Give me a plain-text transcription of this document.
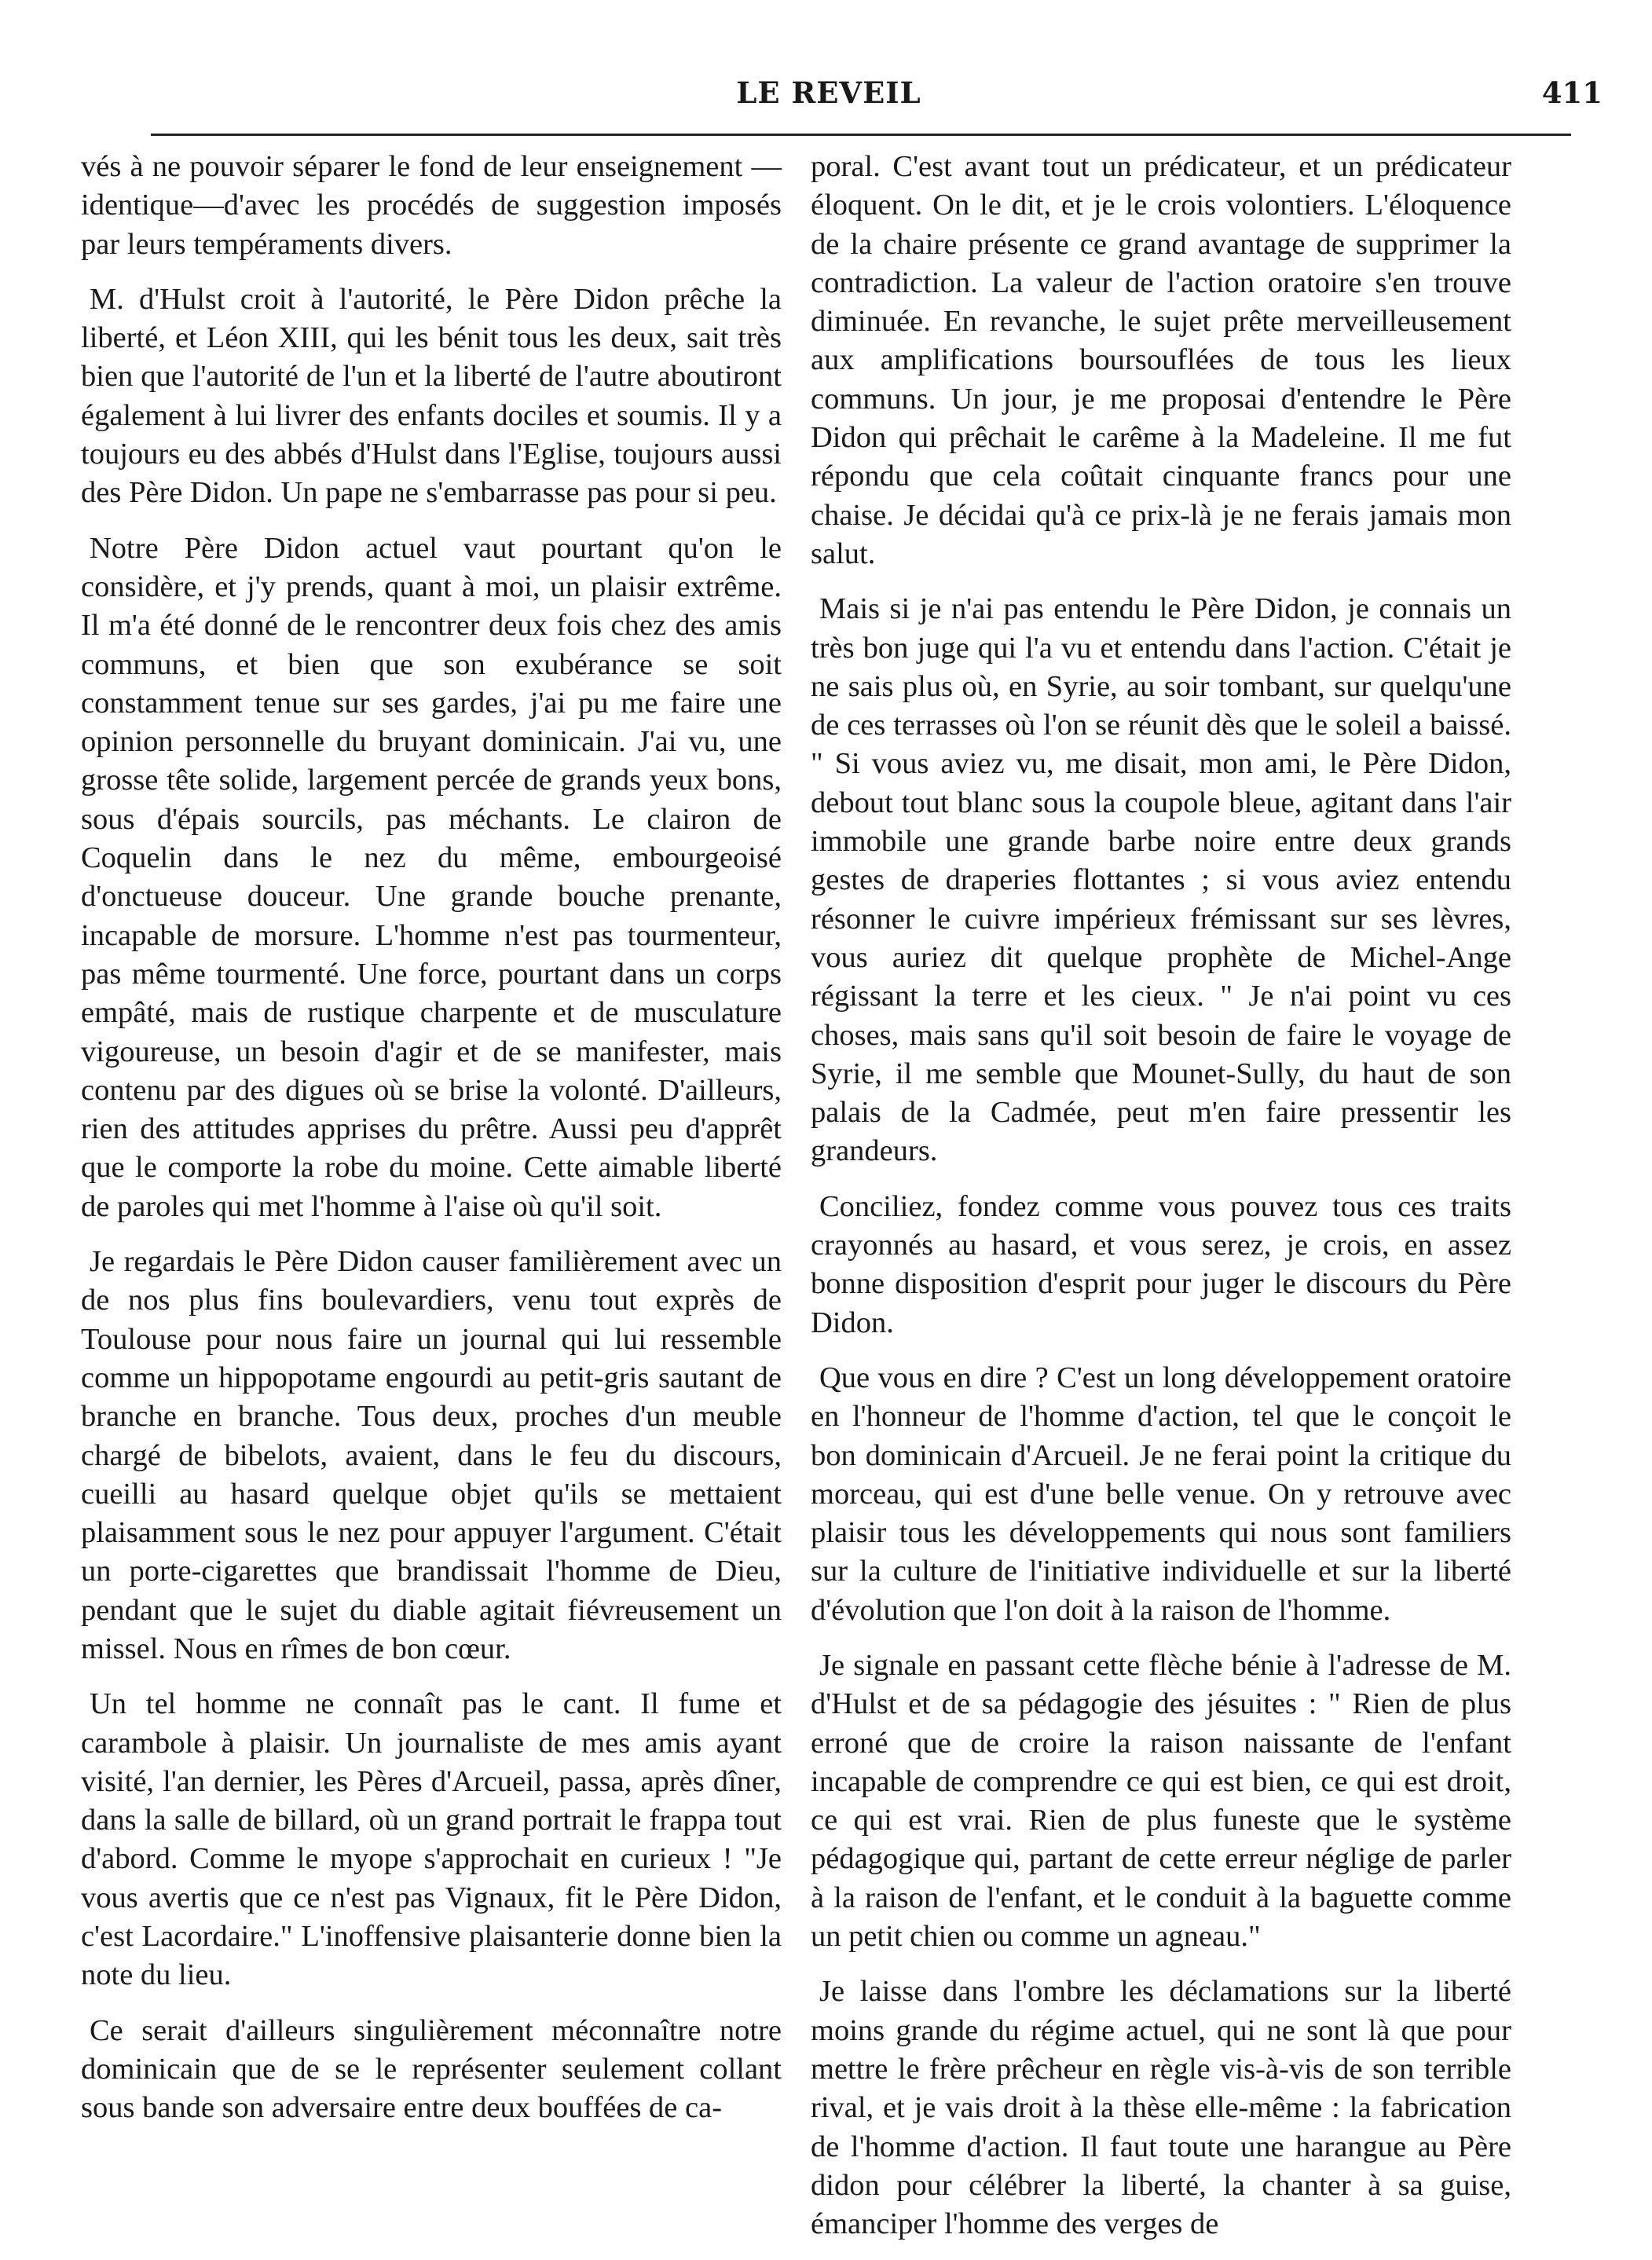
LE REVEIL	411

vés à ne pouvoir séparer le fond de leur enseignement —identique—d'avec les procédés de suggestion imposés par leurs tempéraments divers.

M. d'Hulst croit à l'autorité, le Père Didon prêche la liberté, et Léon XIII, qui les bénit tous les deux, sait très bien que l'autorité de l'un et la liberté de l'autre aboutiront également à lui livrer des enfants dociles et soumis. Il y a toujours eu des abbés d'Hulst dans l'Eglise, toujours aussi des Père Didon. Un pape ne s'embarrasse pas pour si peu.

Notre Père Didon actuel vaut pourtant qu'on le considère, et j'y prends, quant à moi, un plaisir extrême. Il m'a été donné de le rencontrer deux fois chez des amis communs, et bien que son exubérance se soit constamment tenue sur ses gardes, j'ai pu me faire une opinion personnelle du bruyant dominicain. J'ai vu, une grosse tête solide, largement percée de grands yeux bons, sous d'épais sourcils, pas méchants. Le clairon de Coquelin dans le nez du même, embourgeoisé d'onctueuse douceur. Une grande bouche prenante, incapable de morsure. L'homme n'est pas tourmenteur, pas même tourmenté. Une force, pourtant dans un corps empâté, mais de rustique charpente et de musculature vigoureuse, un besoin d'agir et de se manifester, mais contenu par des digues où se brise la volonté. D'ailleurs, rien des attitudes apprises du prêtre. Aussi peu d'apprêt que le comporte la robe du moine. Cette aimable liberté de paroles qui met l'homme à l'aise où qu'il soit.

Je regardais le Père Didon causer familièrement avec un de nos plus fins boulevardiers, venu tout exprès de Toulouse pour nous faire un journal qui lui ressemble comme un hippopotame engourdi au petit-gris sautant de branche en branche. Tous deux, proches d'un meuble chargé de bibelots, avaient, dans le feu du discours, cueilli au hasard quelque objet qu'ils se mettaient plaisamment sous le nez pour appuyer l'argument. C'était un porte-cigarettes que brandissait l'homme de Dieu, pendant que le sujet du diable agitait fiévreusement un missel. Nous en rîmes de bon cœur.

Un tel homme ne connaît pas le cant. Il fume et carambole à plaisir. Un journaliste de mes amis ayant visité, l'an dernier, les Pères d'Arcueil, passa, après dîner, dans la salle de billard, où un grand portrait le frappa tout d'abord. Comme le myope s'approchait en curieux ! "Je vous avertis que ce n'est pas Vignaux, fit le Père Didon, c'est Lacordaire." L'inoffensive plaisanterie donne bien la note du lieu.

Ce serait d'ailleurs singulièrement méconnaître notre dominicain que de se le représenter seulement collant sous bande son adversaire entre deux bouffées de ca-

poral. C'est avant tout un prédicateur, et un prédicateur éloquent. On le dit, et je le crois volontiers. L'éloquence de la chaire présente ce grand avantage de supprimer la contradiction. La valeur de l'action oratoire s'en trouve diminuée. En revanche, le sujet prête merveilleusement aux amplifications boursouflées de tous les lieux communs. Un jour, je me proposai d'entendre le Père Didon qui prêchait le carême à la Madeleine. Il me fut répondu que cela coûtait cinquante francs pour une chaise. Je décidai qu'à ce prix-là je ne ferais jamais mon salut.

Mais si je n'ai pas entendu le Père Didon, je connais un très bon juge qui l'a vu et entendu dans l'action. C'était je ne sais plus où, en Syrie, au soir tombant, sur quelqu'une de ces terrasses où l'on se réunit dès que le soleil a baissé. " Si vous aviez vu, me disait, mon ami, le Père Didon, debout tout blanc sous la coupole bleue, agitant dans l'air immobile une grande barbe noire entre deux grands gestes de draperies flottantes ; si vous aviez entendu résonner le cuivre impérieux frémissant sur ses lèvres, vous auriez dit quelque prophète de Michel-Ange régissant la terre et les cieux. " Je n'ai point vu ces choses, mais sans qu'il soit besoin de faire le voyage de Syrie, il me semble que Mounet-Sully, du haut de son palais de la Cadmée, peut m'en faire pressentir les grandeurs.

Conciliez, fondez comme vous pouvez tous ces traits crayonnés au hasard, et vous serez, je crois, en assez bonne disposition d'esprit pour juger le discours du Père Didon.

Que vous en dire ? C'est un long développement oratoire en l'honneur de l'homme d'action, tel que le conçoit le bon dominicain d'Arcueil. Je ne ferai point la critique du morceau, qui est d'une belle venue. On y retrouve avec plaisir tous les développements qui nous sont familiers sur la culture de l'initiative individuelle et sur la liberté d'évolution que l'on doit à la raison de l'homme.

Je signale en passant cette flèche bénie à l'adresse de M. d'Hulst et de sa pédagogie des jésuites : " Rien de plus erroné que de croire la raison naissante de l'enfant incapable de comprendre ce qui est bien, ce qui est droit, ce qui est vrai. Rien de plus funeste que le système pédagogique qui, partant de cette erreur néglige de parler à la raison de l'enfant, et le conduit à la baguette comme un petit chien ou comme un agneau."

Je laisse dans l'ombre les déclamations sur la liberté moins grande du régime actuel, qui ne sont là que pour mettre le frère prêcheur en règle vis-à-vis de son terrible rival, et je vais droit à la thèse elle-même : la fabrication de l'homme d'action. Il faut toute une harangue au Père didon pour célébrer la liberté, la chanter à sa guise, émanciper l'homme des verges de
